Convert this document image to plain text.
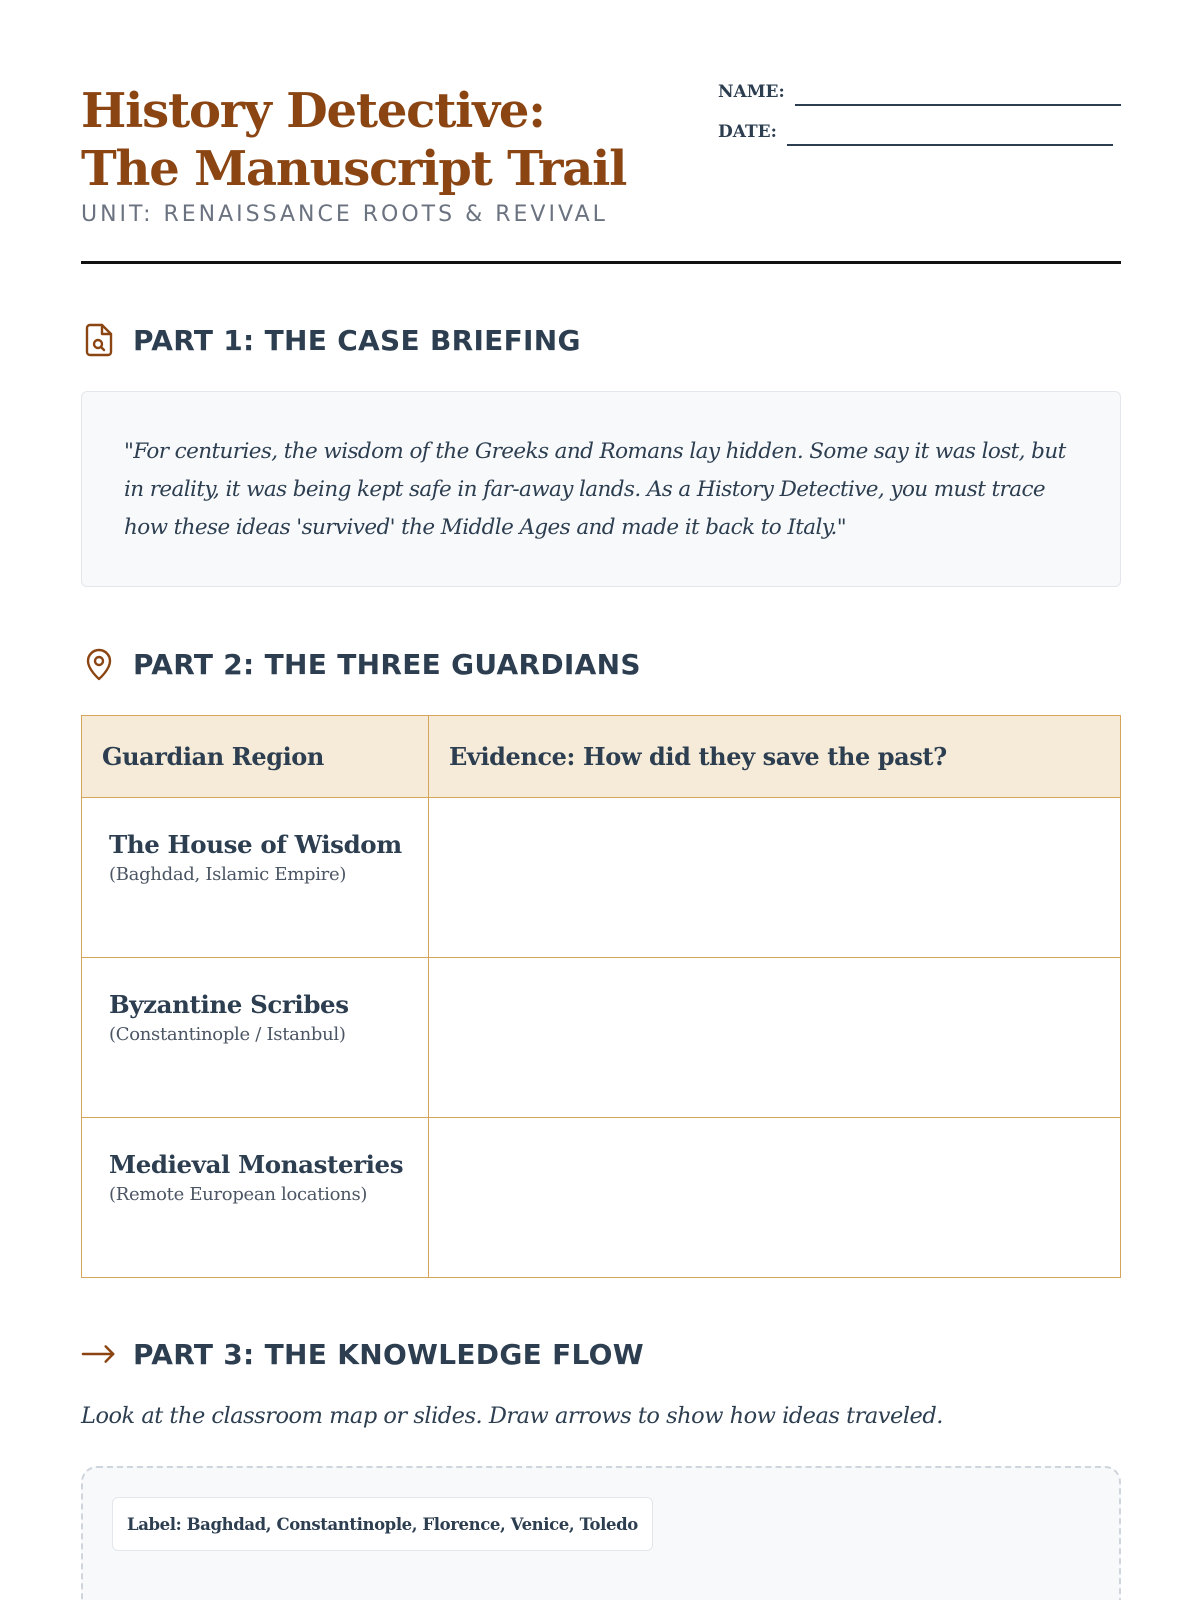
History Detective: The Manuscript Trail
UNIT: RENAISSANCE ROOTS & REVIVAL
NAME:
DATE:
PART 1: THE CASE BRIEFING

"For centuries, the wisdom of the Greeks and Romans lay hidden. Some say it was lost, but in reality, it was being kept safe in far-away lands. As a History Detective, you must trace how these ideas 'survived' the Middle Ages and made it back to Italy."

PART 2: THE THREE GUARDIANS
Guardian Region	Evidence: How did they save the past?

The House of Wisdom
(Baghdad, Islamic Empire)	

Byzantine Scribes
(Constantinople / Istanbul)	

Medieval Monasteries
(Remote European locations)	

PART 3: THE KNOWLEDGE FLOW
Look at the classroom map or slides. Draw arrows to show how ideas traveled.
Label: Baghdad, Constantinople, Florence, Venice, Toledo
